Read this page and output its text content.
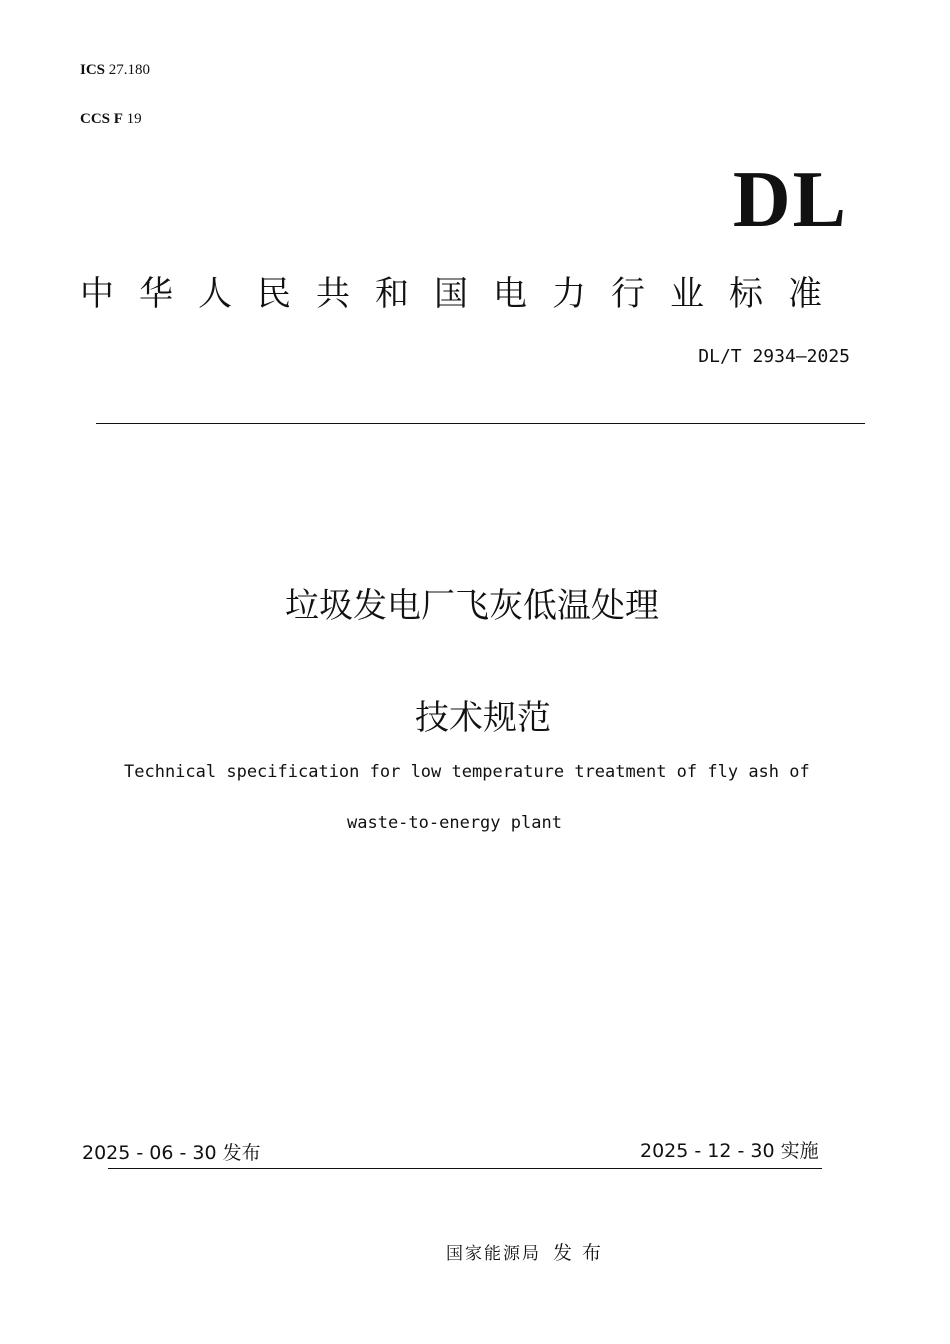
ICS 27.180
CCS F 19
DL
中华人民共和国电力行业标准
DL/T 2934—2025
垃圾发电厂飞灰低温处理
技术规范
Technical specification for low temperature treatment of fly ash of
waste-to-energy plant
2025 - 06 - 30 发布	2025 - 12 - 30 实施
国家能源局 发布
